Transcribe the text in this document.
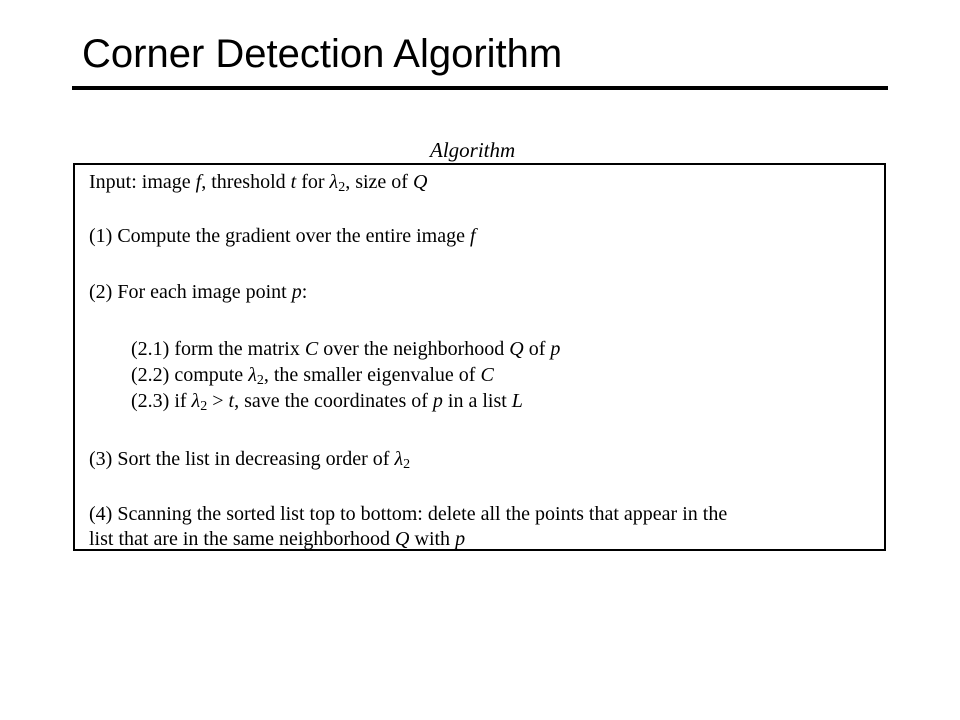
Corner Detection Algorithm
Algorithm
Input: image f, threshold t for $\lambda_2$, size of Q
(1) Compute the gradient over the entire image f
(2) For each image point p:
(2.1) form the matrix C over the neighborhood Q of p
(2.2) compute $\lambda_2$, the smaller eigenvalue of C
(2.3) if $\lambda_2 > t$, save the coordinates of p in a list L
(3) Sort the list in decreasing order of $\lambda_2$
(4) Scanning the sorted list top to bottom: delete all the points that appear in the
list that are in the same neighborhood Q with p
